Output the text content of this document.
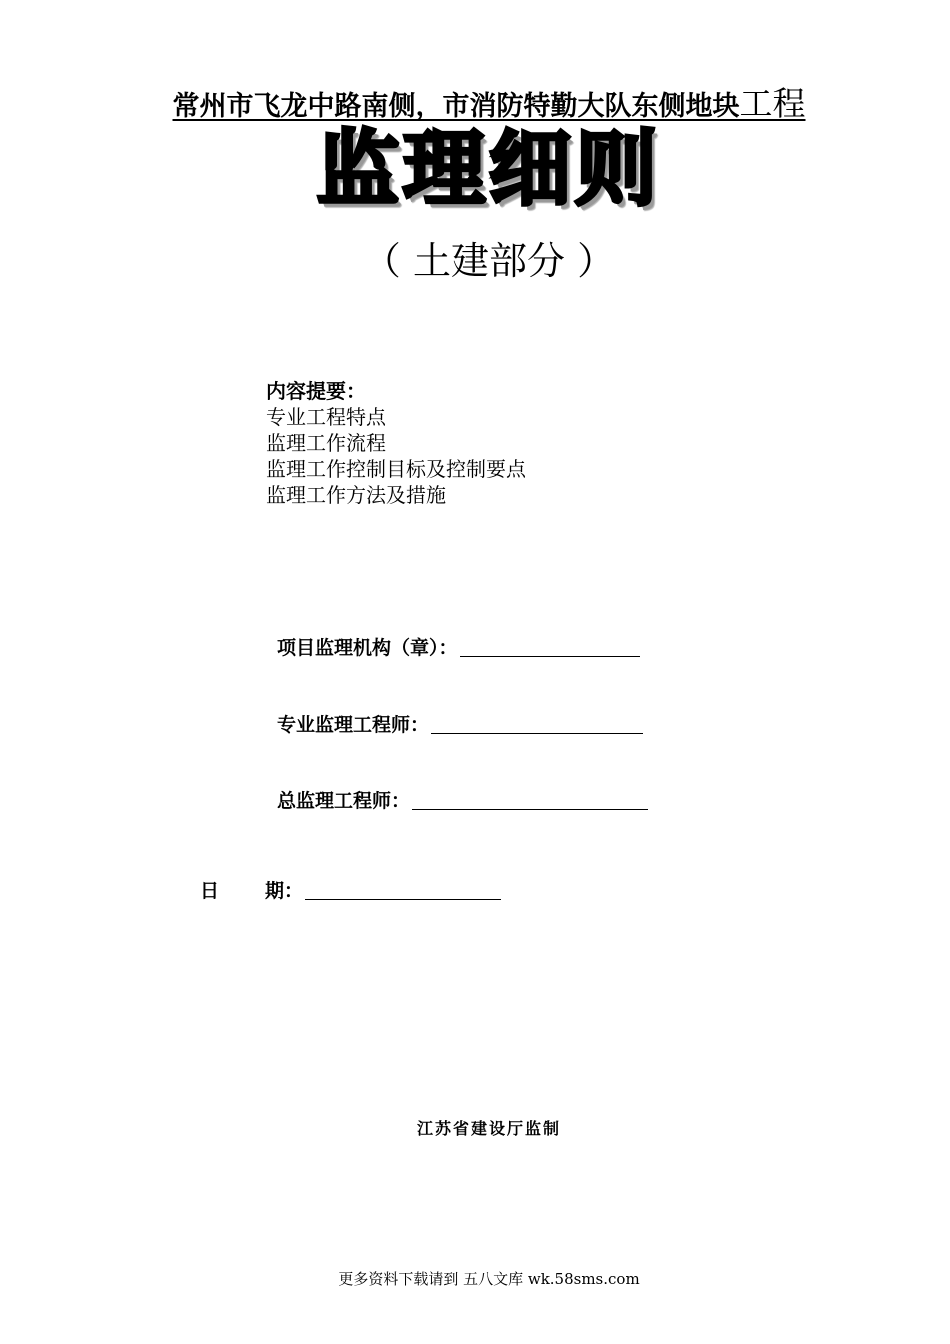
常州市飞龙中路南侧，市消防特勤大队东侧地块工程
监理细则
（ 土建部分 ）
内容提要：
专业工程特点
监理工作流程
监理工作控制目标及控制要点
监理工作方法及措施
项目监理机构（章）：
专业监理工程师：
总监理工程师：
日 期：
江苏省建设厅监制
更多资料下载请到 五八文库 wk.58sms.com
